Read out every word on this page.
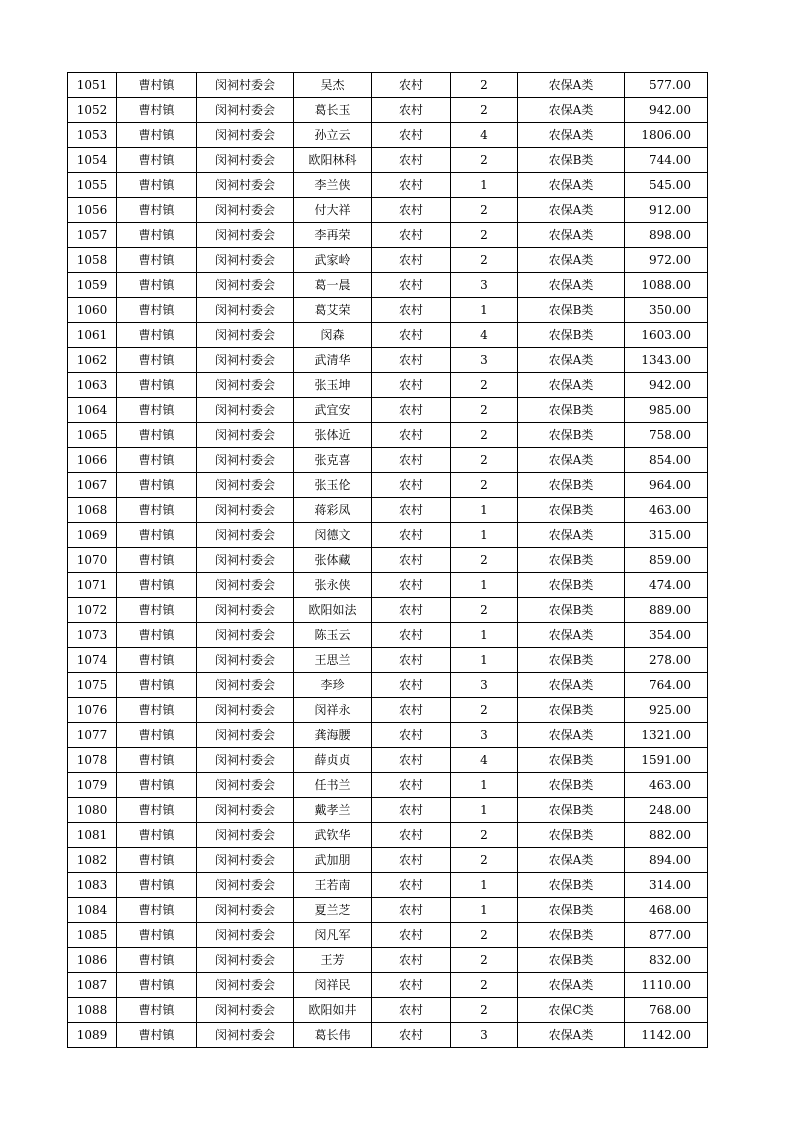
1051	曹村镇	闵祠村委会	吴杰	农村	2	农保A类	577.00
1052	曹村镇	闵祠村委会	葛长玉	农村	2	农保A类	942.00
1053	曹村镇	闵祠村委会	孙立云	农村	4	农保A类	1806.00
1054	曹村镇	闵祠村委会	欧阳林科	农村	2	农保B类	744.00
1055	曹村镇	闵祠村委会	李兰侠	农村	1	农保A类	545.00
1056	曹村镇	闵祠村委会	付大祥	农村	2	农保A类	912.00
1057	曹村镇	闵祠村委会	李再荣	农村	2	农保A类	898.00
1058	曹村镇	闵祠村委会	武家岭	农村	2	农保A类	972.00
1059	曹村镇	闵祠村委会	葛一晨	农村	3	农保A类	1088.00
1060	曹村镇	闵祠村委会	葛艾荣	农村	1	农保B类	350.00
1061	曹村镇	闵祠村委会	闵森	农村	4	农保B类	1603.00
1062	曹村镇	闵祠村委会	武清华	农村	3	农保A类	1343.00
1063	曹村镇	闵祠村委会	张玉坤	农村	2	农保A类	942.00
1064	曹村镇	闵祠村委会	武宜安	农村	2	农保B类	985.00
1065	曹村镇	闵祠村委会	张体近	农村	2	农保B类	758.00
1066	曹村镇	闵祠村委会	张克喜	农村	2	农保A类	854.00
1067	曹村镇	闵祠村委会	张玉伦	农村	2	农保B类	964.00
1068	曹村镇	闵祠村委会	蒋彩凤	农村	1	农保B类	463.00
1069	曹村镇	闵祠村委会	闵德文	农村	1	农保A类	315.00
1070	曹村镇	闵祠村委会	张体藏	农村	2	农保B类	859.00
1071	曹村镇	闵祠村委会	张永侠	农村	1	农保B类	474.00
1072	曹村镇	闵祠村委会	欧阳如法	农村	2	农保B类	889.00
1073	曹村镇	闵祠村委会	陈玉云	农村	1	农保A类	354.00
1074	曹村镇	闵祠村委会	王思兰	农村	1	农保B类	278.00
1075	曹村镇	闵祠村委会	李珍	农村	3	农保A类	764.00
1076	曹村镇	闵祠村委会	闵祥永	农村	2	农保B类	925.00
1077	曹村镇	闵祠村委会	龚海腰	农村	3	农保A类	1321.00
1078	曹村镇	闵祠村委会	薛贞贞	农村	4	农保B类	1591.00
1079	曹村镇	闵祠村委会	任书兰	农村	1	农保B类	463.00
1080	曹村镇	闵祠村委会	戴孝兰	农村	1	农保B类	248.00
1081	曹村镇	闵祠村委会	武钦华	农村	2	农保B类	882.00
1082	曹村镇	闵祠村委会	武加朋	农村	2	农保A类	894.00
1083	曹村镇	闵祠村委会	王若南	农村	1	农保B类	314.00
1084	曹村镇	闵祠村委会	夏兰芝	农村	1	农保B类	468.00
1085	曹村镇	闵祠村委会	闵凡军	农村	2	农保B类	877.00
1086	曹村镇	闵祠村委会	王芳	农村	2	农保B类	832.00
1087	曹村镇	闵祠村委会	闵祥民	农村	2	农保A类	1110.00
1088	曹村镇	闵祠村委会	欧阳如井	农村	2	农保C类	768.00
1089	曹村镇	闵祠村委会	葛长伟	农村	3	农保A类	1142.00
